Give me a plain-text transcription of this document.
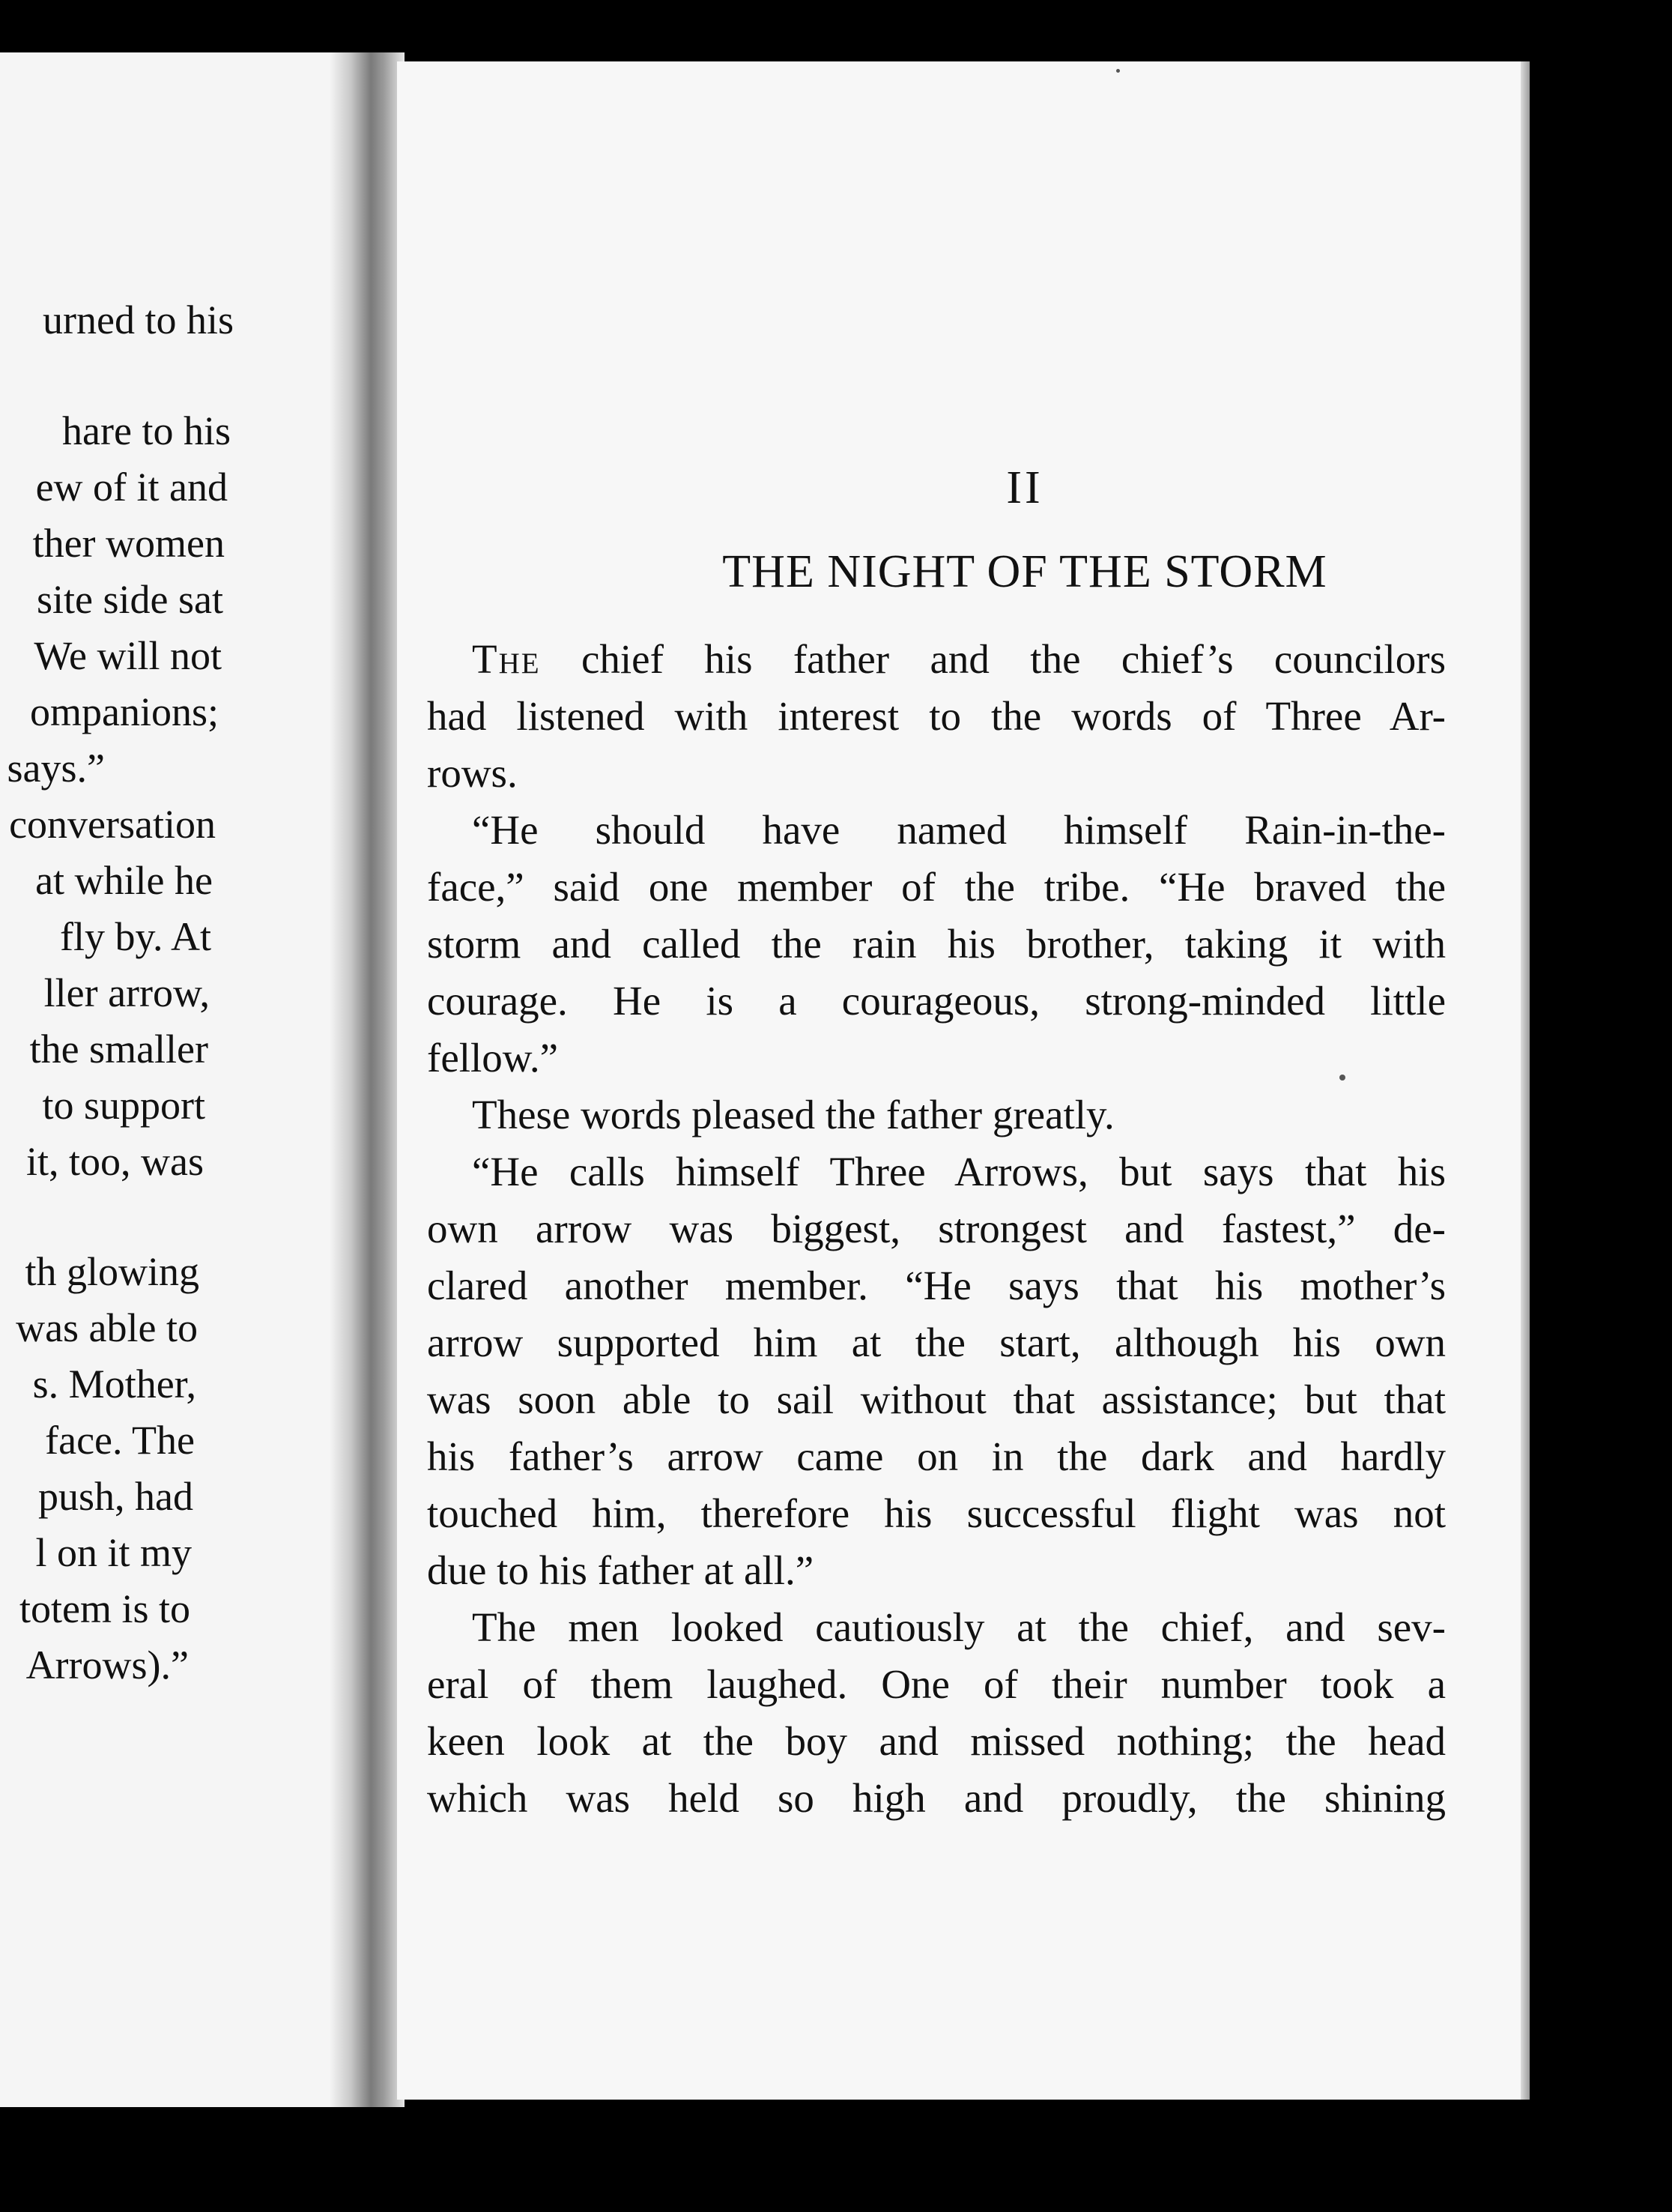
urned to his
hare to his
ew of it and
ther women
site side sat
We will not
ompanions;
says.”
conversation
at while he
fly by. At
ller arrow,
the smaller
to support
it, too, was
th glowing
was able to
s. Mother,
face. The
push, had
l on it my
totem is to
Arrows).”
II
THE NIGHT OF THE STORM
The chief his father and the chief’s councilors
had listened with interest to the words of Three Ar-
rows.
“He should have named himself Rain-in-the-
face,” said one member of the tribe. “He braved the
storm and called the rain his brother, taking it with
courage. He is a courageous, strong-minded little
fellow.”
These words pleased the father greatly.
“He calls himself Three Arrows, but says that his
own arrow was biggest, strongest and fastest,” de-
clared another member. “He says that his mother’s
arrow supported him at the start, although his own
was soon able to sail without that assistance; but that
his father’s arrow came on in the dark and hardly
touched him, therefore his successful flight was not
due to his father at all.”
The men looked cautiously at the chief, and sev-
eral of them laughed. One of their number took a
keen look at the boy and missed nothing; the head
which was held so high and proudly, the shining
